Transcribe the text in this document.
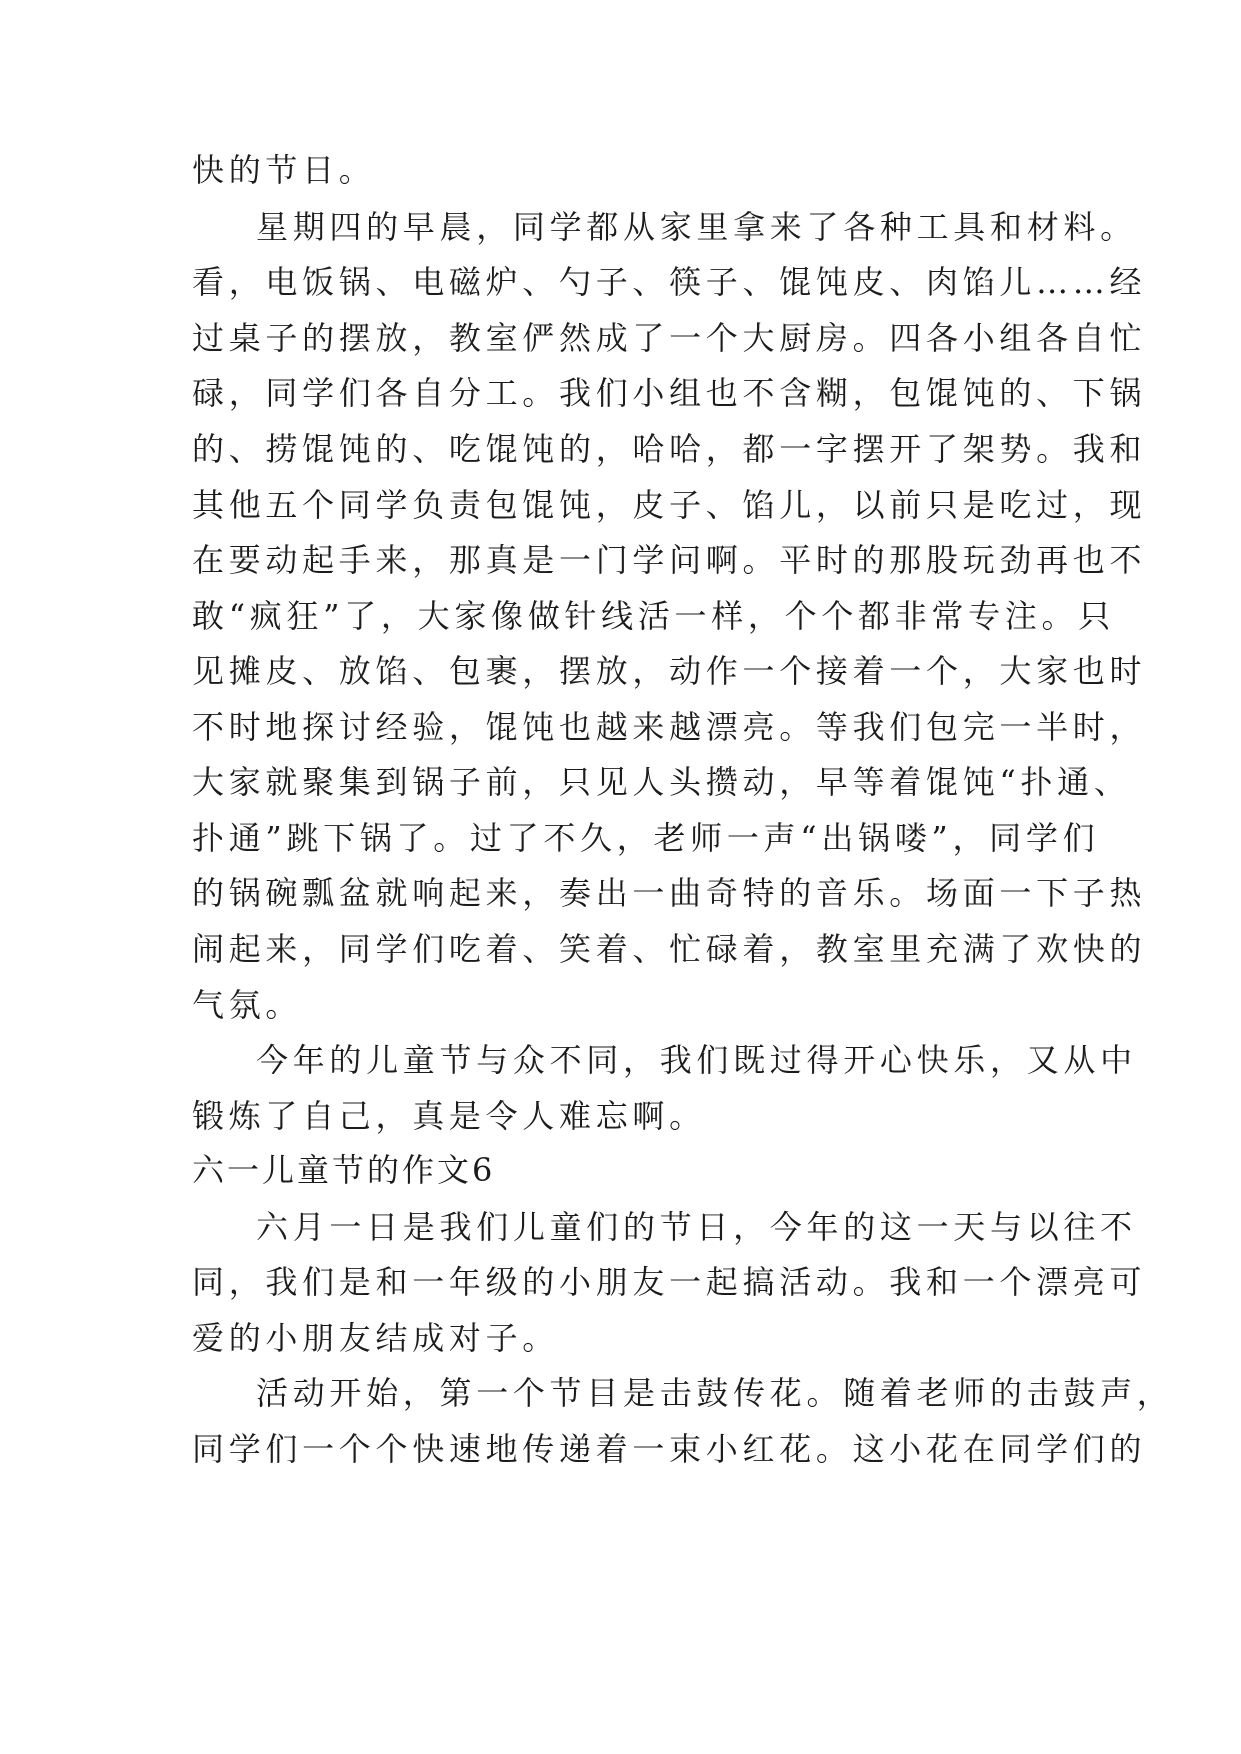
快的节日。
星期四的早晨，同学都从家里拿来了各种工具和材料。
看，电饭锅、电磁炉、勺子、筷子、馄饨皮、肉馅儿……经
过桌子的摆放，教室俨然成了一个大厨房。四各小组各自忙
碌，同学们各自分工。我们小组也不含糊，包馄饨的、下锅
的、捞馄饨的、吃馄饨的，哈哈，都一字摆开了架势。我和
其他五个同学负责包馄饨，皮子、馅儿，以前只是吃过，现
在要动起手来，那真是一门学问啊。平时的那股玩劲再也不
敢“疯狂”了，大家像做针线活一样，个个都非常专注。只
见摊皮、放馅、包裹，摆放，动作一个接着一个，大家也时
不时地探讨经验，馄饨也越来越漂亮。等我们包完一半时，
大家就聚集到锅子前，只见人头攒动，早等着馄饨“扑通、
扑通”跳下锅了。过了不久，老师一声“出锅喽”，同学们
的锅碗瓢盆就响起来，奏出一曲奇特的音乐。场面一下子热
闹起来，同学们吃着、笑着、忙碌着，教室里充满了欢快的
气氛。
今年的儿童节与众不同，我们既过得开心快乐，又从中
锻炼了自己，真是令人难忘啊。
六一儿童节的作文6
六月一日是我们儿童们的节日，今年的这一天与以往不
同，我们是和一年级的小朋友一起搞活动。我和一个漂亮可
爱的小朋友结成对子。
活动开始，第一个节目是击鼓传花。随着老师的击鼓声，
同学们一个个快速地传递着一束小红花。这小花在同学们的
